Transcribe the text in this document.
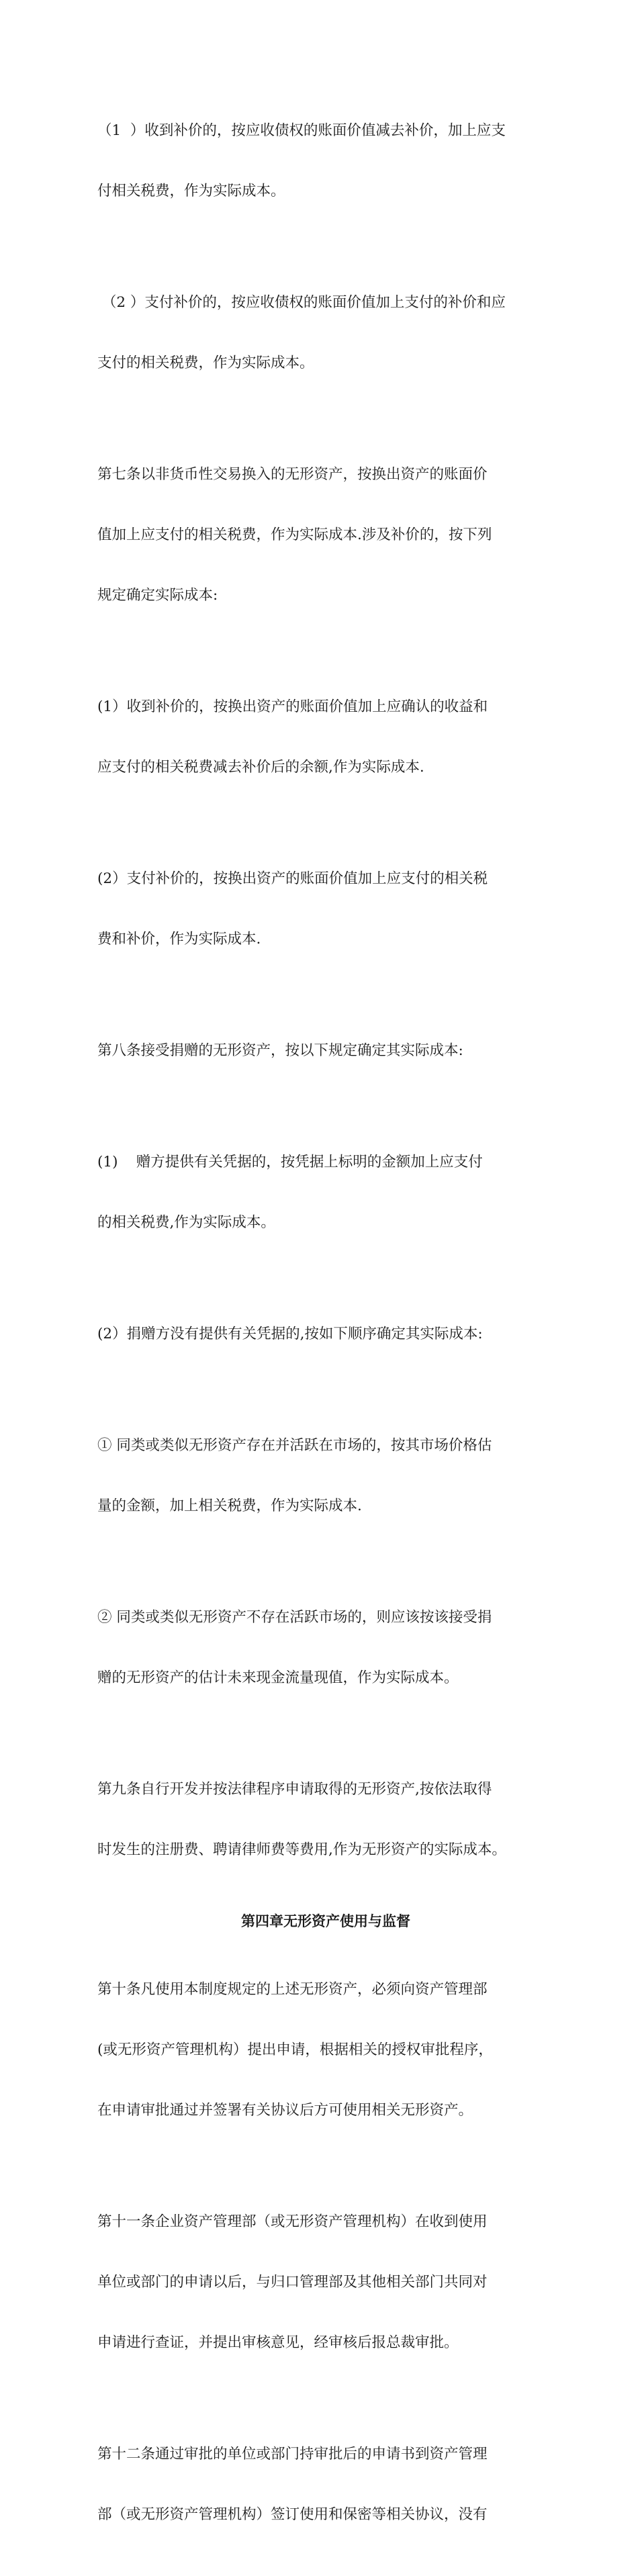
（1  ）收到补价的，按应收债权的账面价值减去补价，加上应支

付相关税费，作为实际成本。

（2 ）支付补价的，按应收债权的账面价值加上支付的补价和应

支付的相关税费，作为实际成本。

第七条以非货币性交易换入的无形资产，按换出资产的账面价

值加上应支付的相关税费，作为实际成本.涉及补价的，按下列

规定确定实际成本:

(1）收到补价的，按换出资产的账面价值加上应确认的收益和

应支付的相关税费减去补价后的余额,作为实际成本.

(2）支付补价的，按换出资产的账面价值加上应支付的相关税

费和补价，作为实际成本.

第八条接受捐赠的无形资产，按以下规定确定其实际成本:

(1)    赠方提供有关凭据的，按凭据上标明的金额加上应支付

的相关税费,作为实际成本。

(2）捐赠方没有提供有关凭据的,按如下顺序确定其实际成本:

① 同类或类似无形资产存在并活跃在市场的，按其市场价格估

量的金额，加上相关税费，作为实际成本.

② 同类或类似无形资产不存在活跃市场的，则应该按该接受捐

赠的无形资产的估计未来现金流量现值，作为实际成本。

第九条自行开发并按法律程序申请取得的无形资产,按依法取得

时发生的注册费、聘请律师费等费用,作为无形资产的实际成本。

第四章无形资产使用与监督

第十条凡使用本制度规定的上述无形资产，必须向资产管理部

(或无形资产管理机构）提出申请，根据相关的授权审批程序，

在申请审批通过并签署有关协议后方可使用相关无形资产。

第十一条企业资产管理部（或无形资产管理机构）在收到使用

单位或部门的申请以后，与归口管理部及其他相关部门共同对

申请进行查证，并提出审核意见，经审核后报总裁审批。

第十二条通过审批的单位或部门持审批后的申请书到资产管理

部（或无形资产管理机构）签订使用和保密等相关协议，没有
